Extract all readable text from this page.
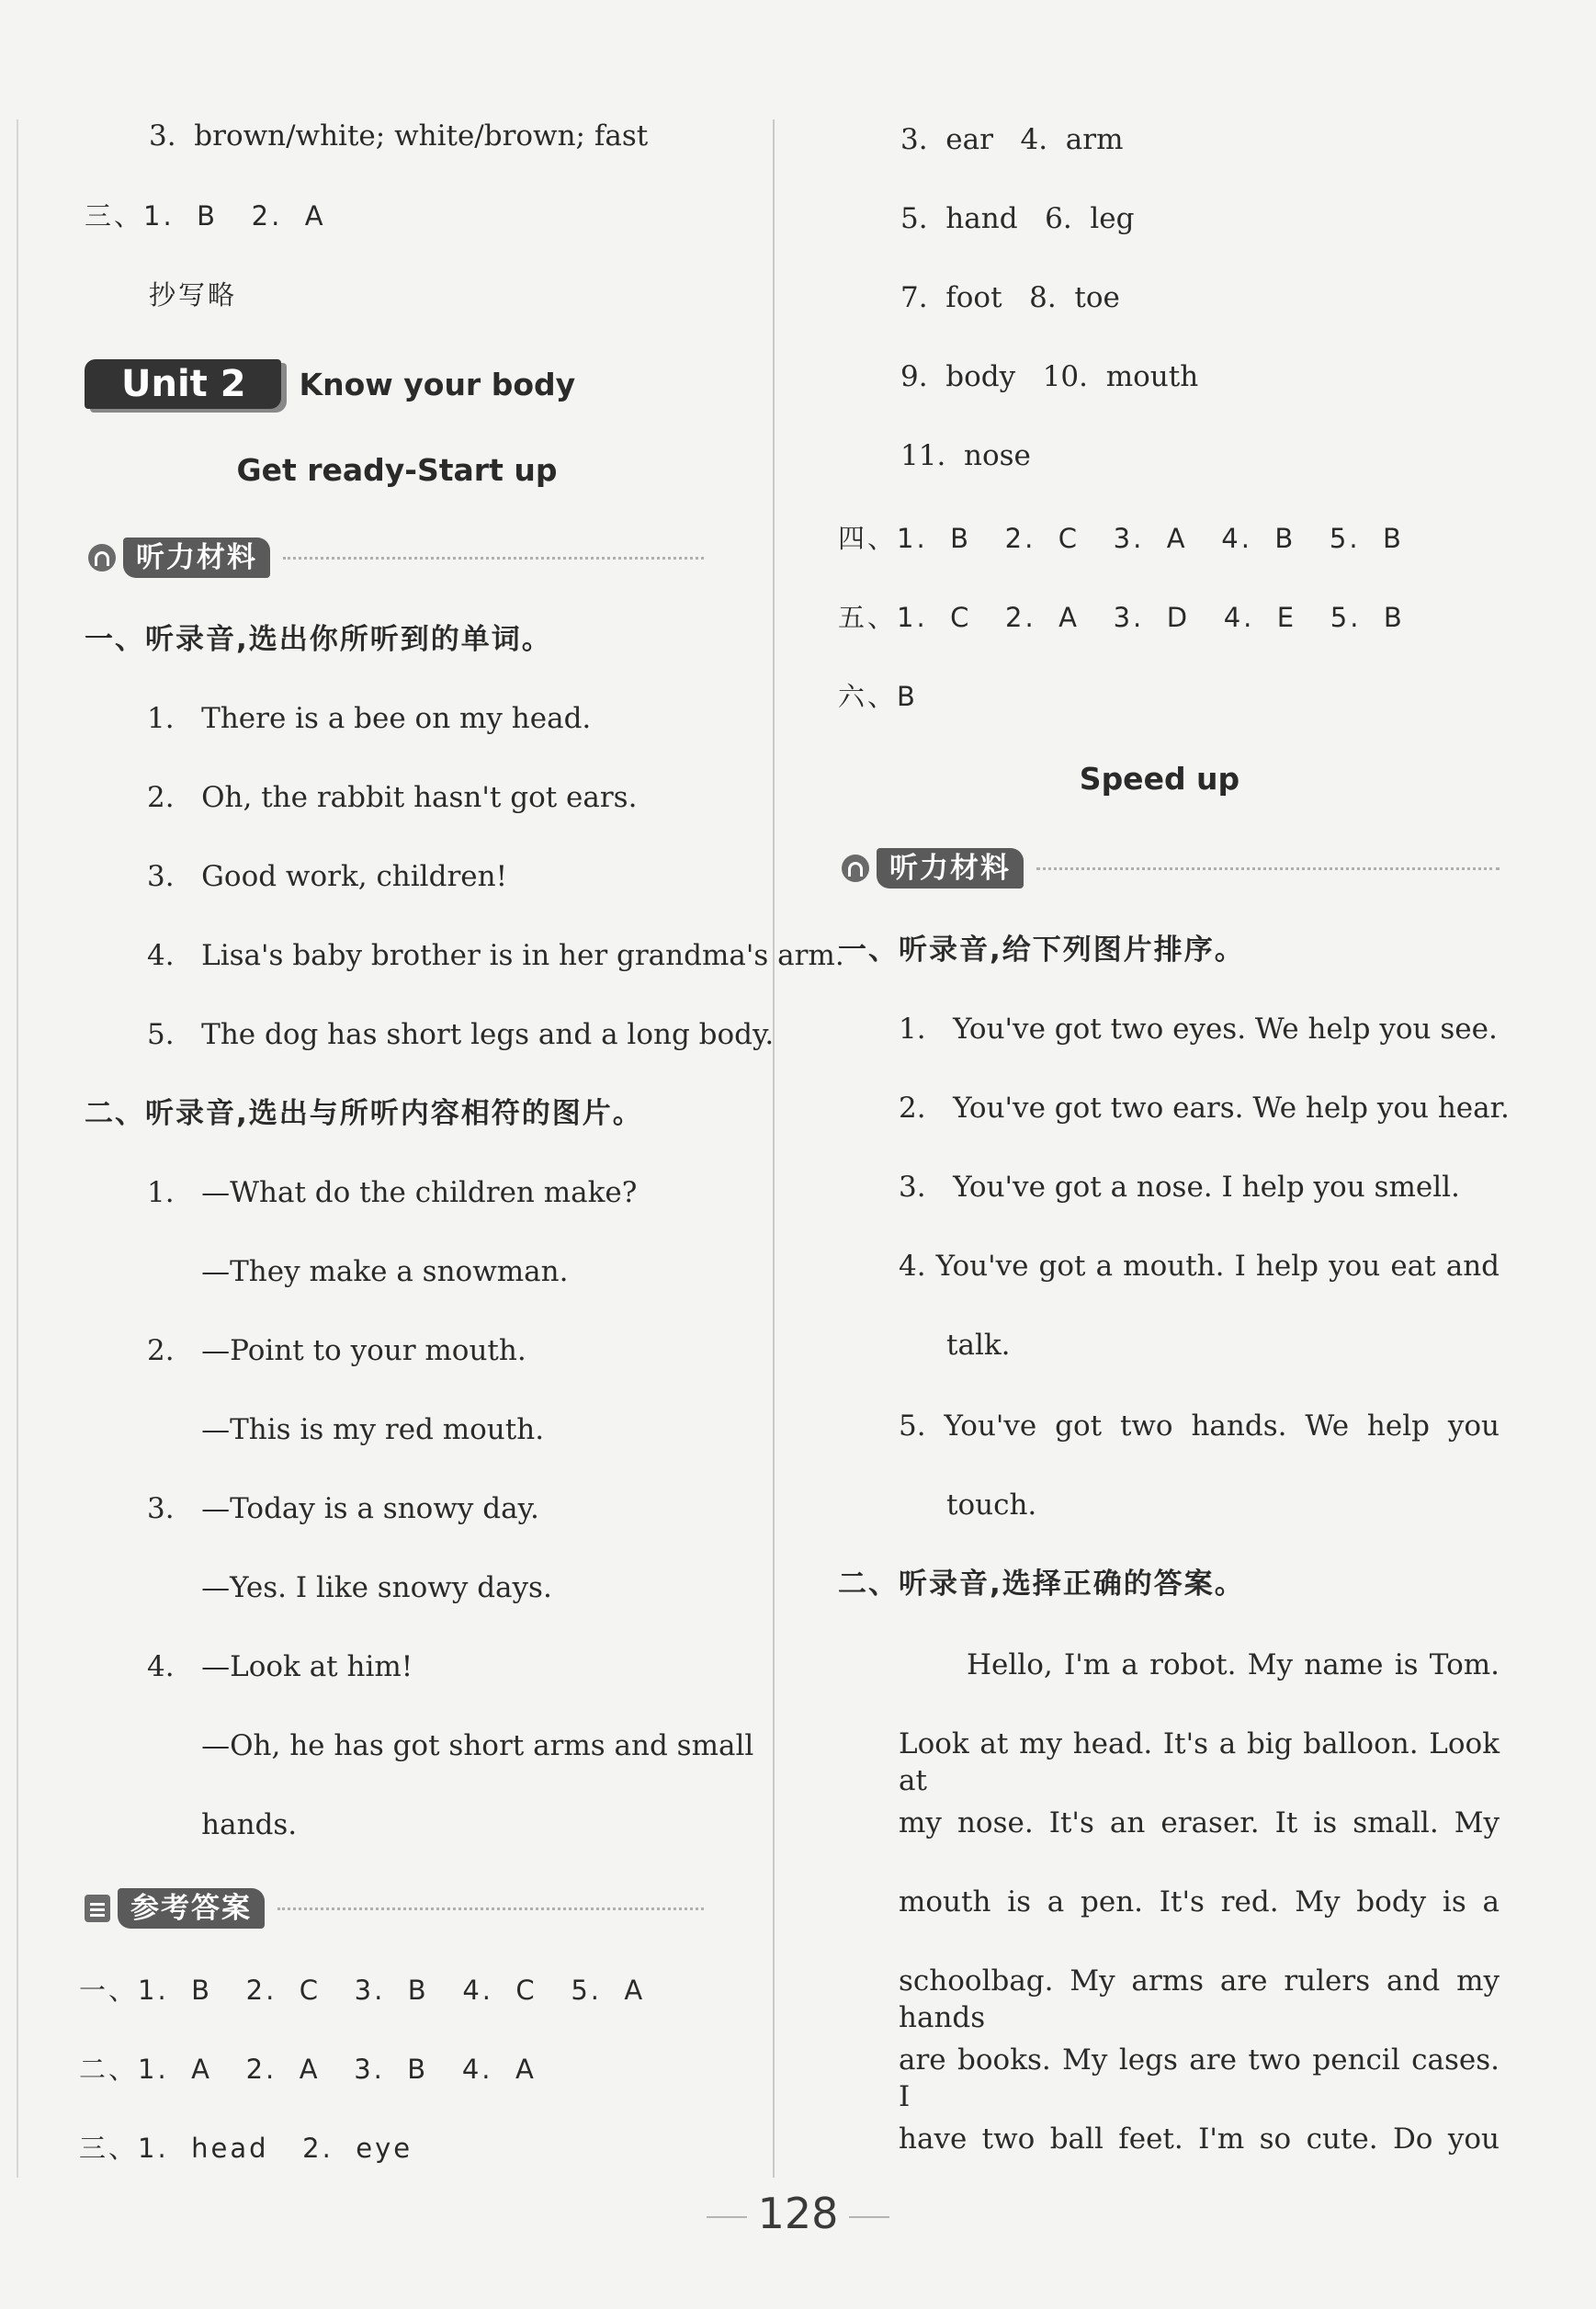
3.  brown/white; white/brown; fast
三、1.  B   2.  A
抄写略
Unit 2	Know your body
Get ready-Start up
听力材料
一、听录音,选出你所听到的单词。
1.   There is a bee on my head.
2.   Oh, the rabbit hasn't got ears.
3.   Good work, children!
4.   Lisa's baby brother is in her grandma's arm.
5.   The dog has short legs and a long body.
二、听录音,选出与所听内容相符的图片。
1.   —What do the children make?
—They make a snowman.
2.   —Point to your mouth.
—This is my red mouth.
3.   —Today is a snowy day.
—Yes. I like snowy days.
4.   —Look at him!
—Oh, he has got short arms and small
hands.
参考答案
一、1.  B   2.  C   3.  B   4.  C   5.  A
二、1.  A   2.  A   3.  B   4.  A
三、1.  head   2.  eye
3.  ear   4.  arm
5.  hand   6.  leg
7.  foot   8.  toe
9.  body   10.  mouth
11.  nose
四、1.  B   2.  C   3.  A   4.  B   5.  B
五、1.  C   2.  A   3.  D   4.  E   5.  B
六、B
Speed up
听力材料
一、听录音,给下列图片排序。
1.   You've got two eyes. We help you see.
2.   You've got two ears. We help you hear.
3.   You've got a nose. I help you smell.
4. You've got a mouth. I help you eat and
talk.
5. You've got two hands. We help you
touch.
二、听录音,选择正确的答案。
Hello, I'm a robot. My name is Tom.
Look at my head. It's a big balloon. Look at
my nose. It's an eraser. It is small. My
mouth is a pen. It's red. My body is a
schoolbag. My arms are rulers and my hands
are books. My legs are two pencil cases. I
have two ball feet. I'm so cute. Do you
128
